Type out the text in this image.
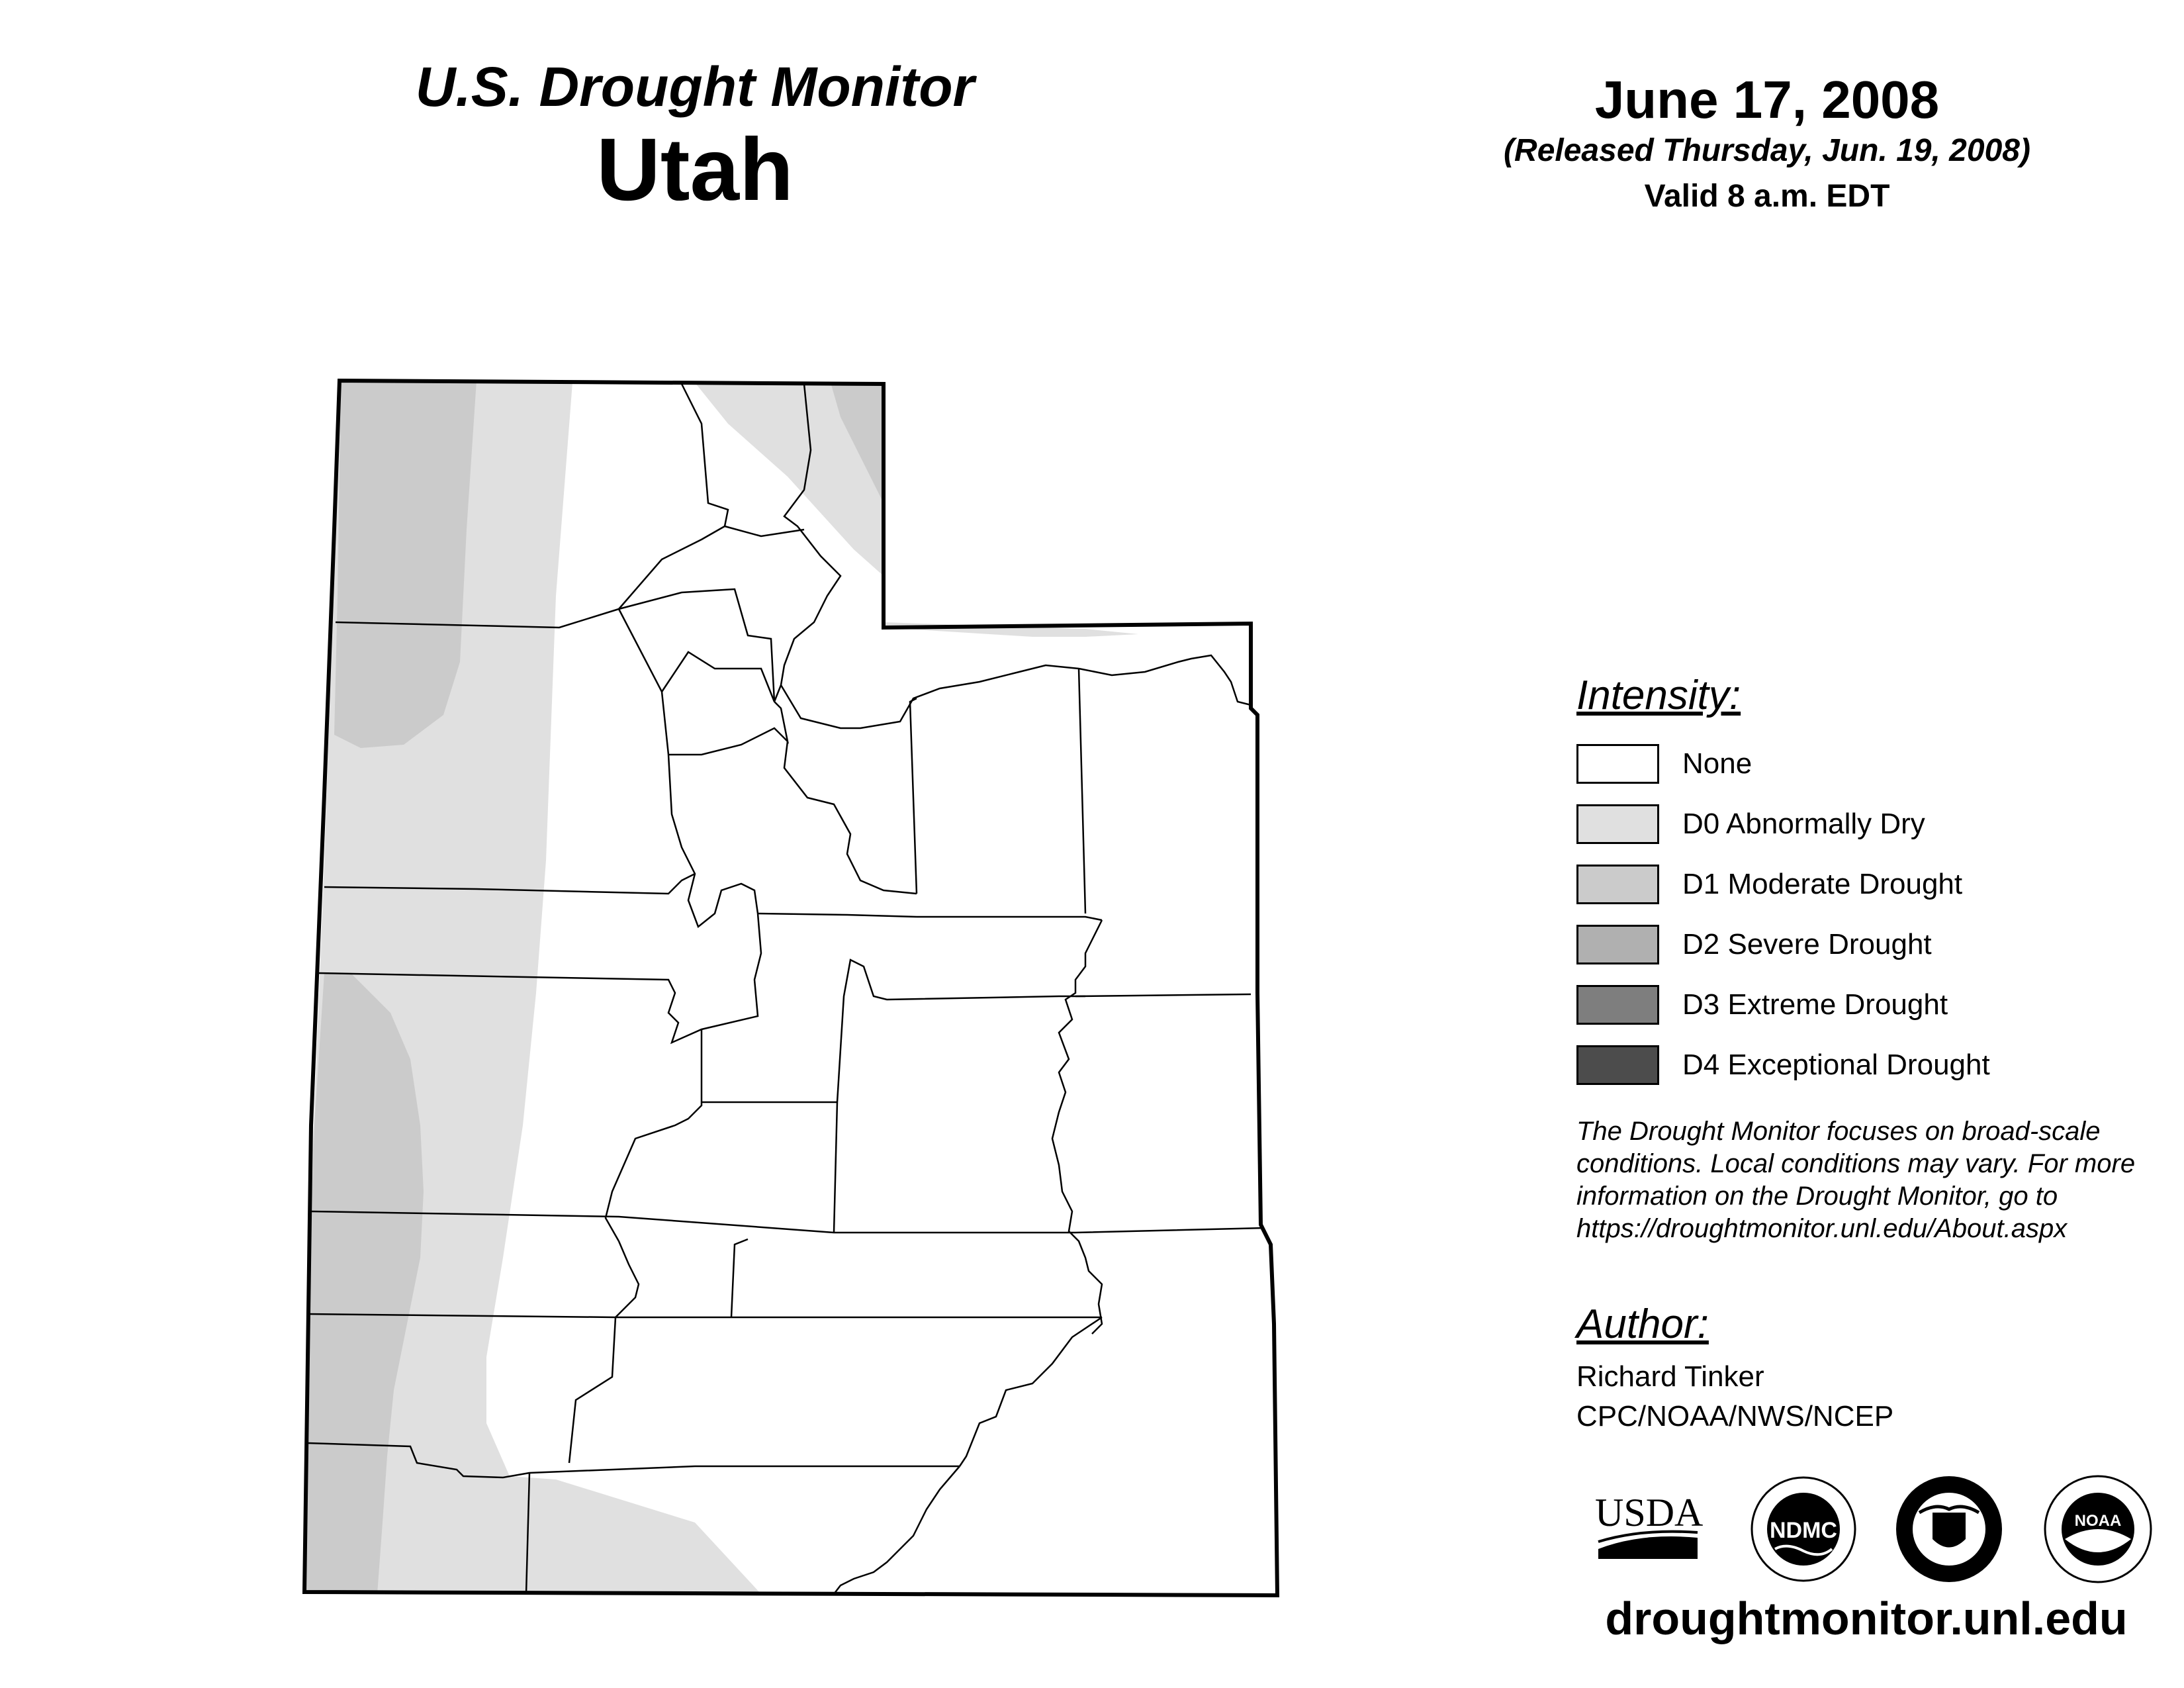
U.S. Drought Monitor
Utah
June 17, 2008
(Released Thursday, Jun. 19, 2008)
Valid 8 a.m. EDT
Intensity:
None
D0 Abnormally Dry
D1 Moderate Drought
D2 Severe Drought
D3 Extreme Drought
D4 Exceptional Drought
The Drought Monitor focuses on broad-scale
conditions. Local conditions may vary. For more
information on the Drought Monitor, go to
https://droughtmonitor.unl.edu/About.aspx
Author:
Richard Tinker
CPC/NOAA/NWS/NCEP
USDA	NDMC	NOAA
droughtmonitor.unl.edu
